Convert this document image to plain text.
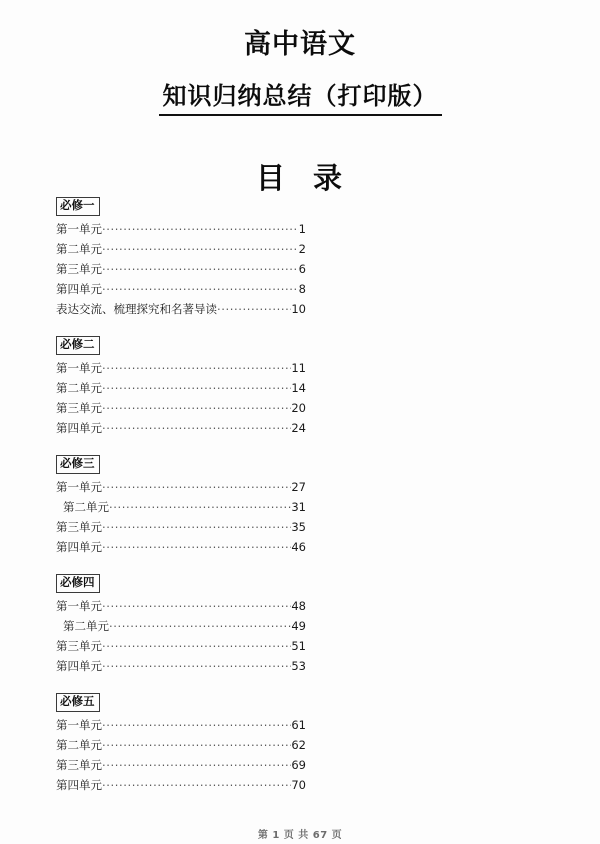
高中语文
知识归纳总结（打印版）
目 录
必修一
第一单元 .....	1
第二单元 .....	2
第三单元 .....	6
第四单元 .....	8
表达交流、梳理探究和名著导读 .....	10
必修二
第一单元 .....	11
第二单元 .....	14
第三单元 .....	20
第四单元 .....	24
必修三
第一单元 .....	27
第二单元 .....	31
第三单元 .....	35
第四单元 .....	46
必修四
第一单元 .....	48
第二单元 .....	49
第三单元 .....	51
第四单元 .....	53
必修五
第一单元 .....	61
第二单元 .....	62
第三单元 .....	69
第四单元 .....	70
第 1 页 共 67 页
